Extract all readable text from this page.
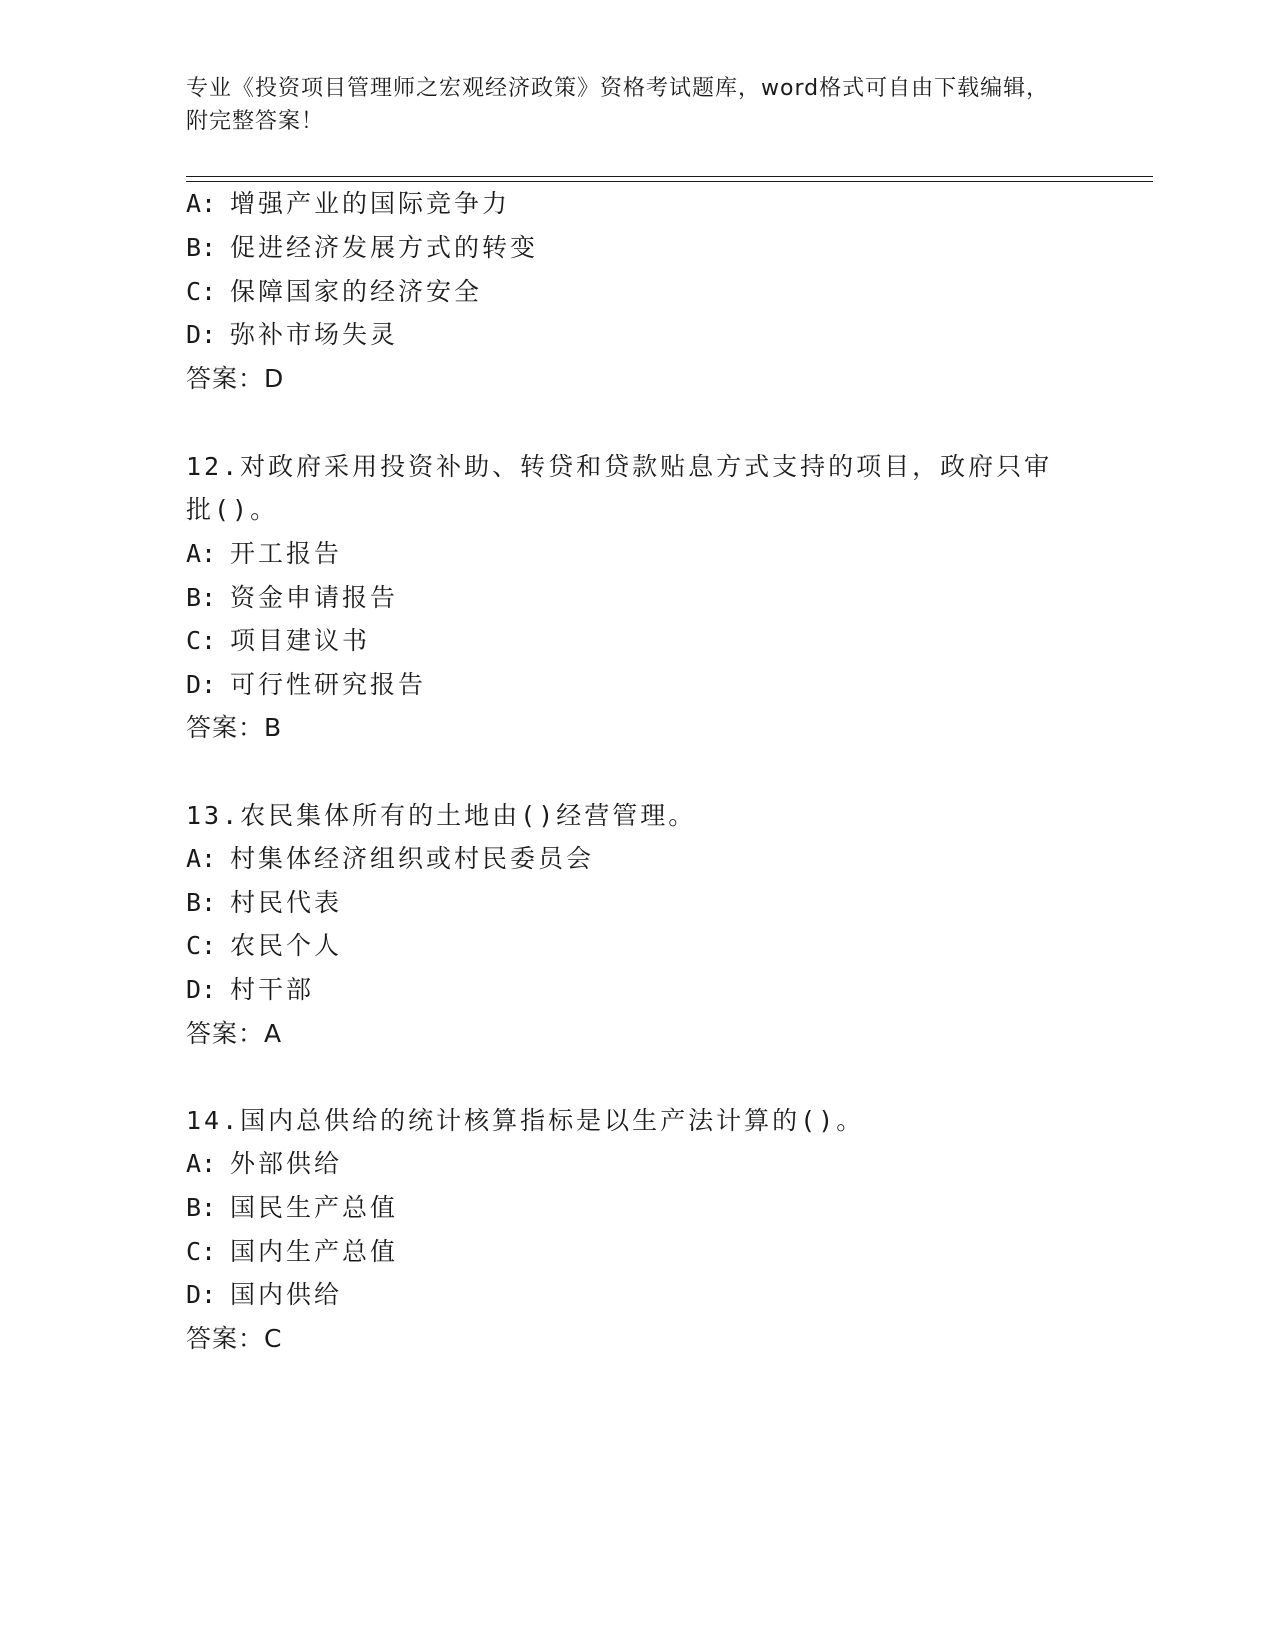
专业《投资项目管理师之宏观经济政策》资格考试题库，word格式可自由下载编辑，附完整答案！
A: 增强产业的国际竞争力
B: 促进经济发展方式的转变
C: 保障国家的经济安全
D: 弥补市场失灵
答案：D
12.对政府采用投资补助、转贷和贷款贴息方式支持的项目，政府只审
批()。
A: 开工报告
B: 资金申请报告
C: 项目建议书
D: 可行性研究报告
答案：B
13.农民集体所有的土地由()经营管理。
A: 村集体经济组织或村民委员会
B: 村民代表
C: 农民个人
D: 村干部
答案：A
14.国内总供给的统计核算指标是以生产法计算的()。
A: 外部供给
B: 国民生产总值
C: 国内生产总值
D: 国内供给
答案：C
